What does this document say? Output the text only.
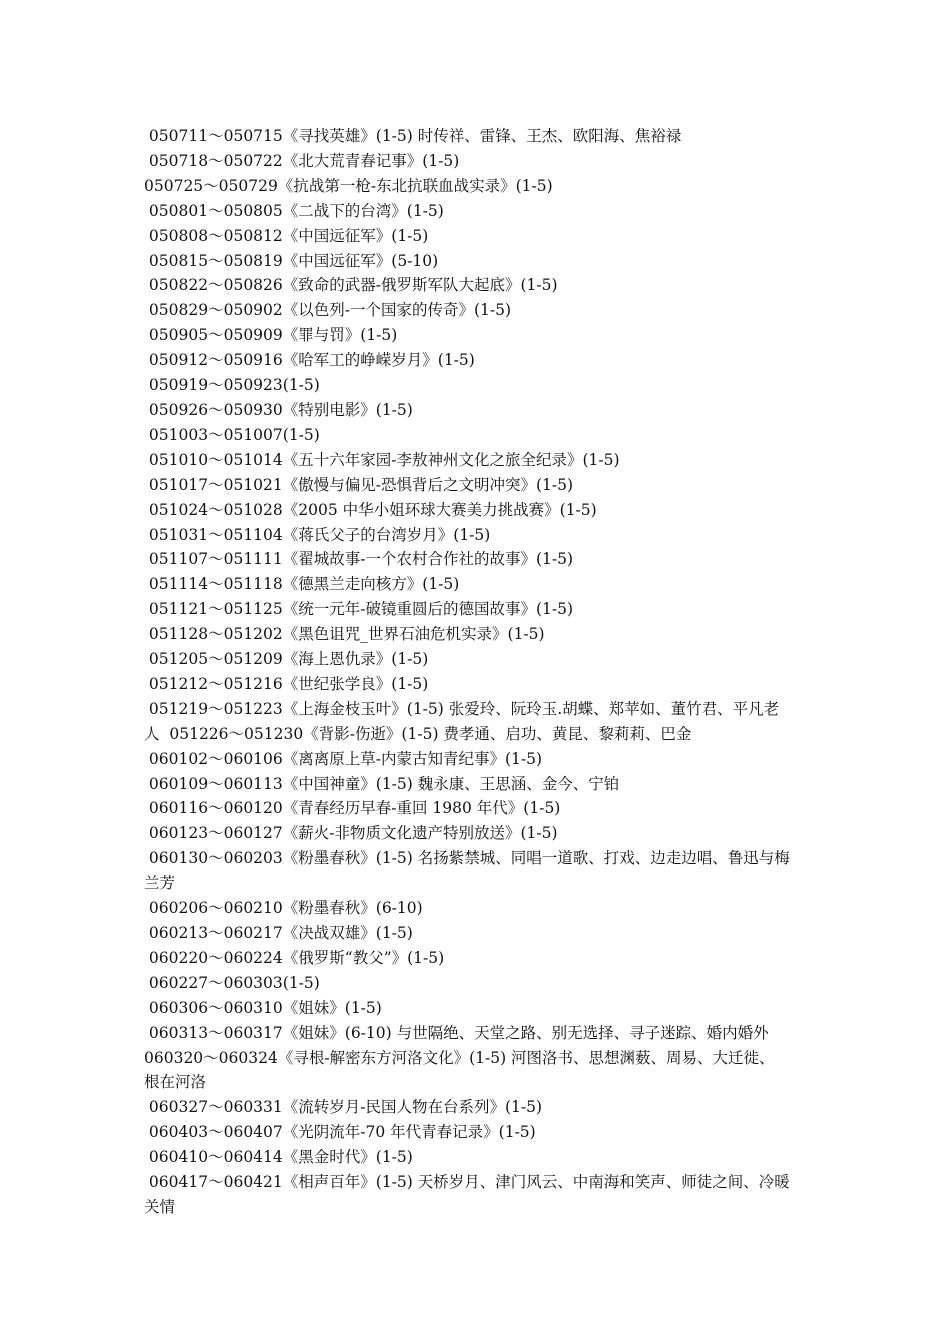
050711～050715《寻找英雄》(1-5) 时传祥、雷锋、王杰、欧阳海、焦裕禄
050718～050722《北大荒青春记事》(1-5)
050725～050729《抗战第一枪-东北抗联血战实录》(1-5)
050801～050805《二战下的台湾》(1-5)
050808～050812《中国远征军》(1-5)
050815～050819《中国远征军》(5-10)
050822～050826《致命的武器-俄罗斯军队大起底》(1-5)
050829～050902《以色列-一个国家的传奇》(1-5)
050905～050909《罪与罚》(1-5)
050912～050916《哈军工的峥嵘岁月》(1-5)
050919～050923(1-5)
050926～050930《特别电影》(1-5)
051003～051007(1-5)
051010～051014《五十六年家园-李敖神州文化之旅全纪录》(1-5)
051017～051021《傲慢与偏见-恐惧背后之文明冲突》(1-5)
051024～051028《2005 中华小姐环球大赛美力挑战赛》(1-5)
051031～051104《蒋氏父子的台湾岁月》(1-5)
051107～051111《翟城故事-一个农村合作社的故事》(1-5)
051114～051118《德黑兰走向核方》(1-5)
051121～051125《统一元年-破镜重圆后的德国故事》(1-5)
051128～051202《黑色诅咒_世界石油危机实录》(1-5)
051205～051209《海上恩仇录》(1-5)
051212～051216《世纪张学良》(1-5)
051219～051223《上海金枝玉叶》(1-5) 张爱玲、阮玲玉.胡蝶、郑苹如、董竹君、平凡老
人  051226～051230《背影-伤逝》(1-5) 费孝通、启功、黄昆、黎莉莉、巴金
060102～060106《离离原上草-内蒙古知青纪事》(1-5)
060109～060113《中国神童》(1-5) 魏永康、王思涵、金今、宁铂
060116～060120《青春经历早春-重回 1980 年代》(1-5)
060123～060127《薪火-非物质文化遗产特别放送》(1-5)
060130～060203《粉墨春秋》(1-5) 名扬紫禁城、同唱一道歌、打戏、边走边唱、鲁迅与梅
兰芳
060206～060210《粉墨春秋》(6-10)
060213～060217《决战双雄》(1-5)
060220～060224《俄罗斯“教父”》(1-5)
060227～060303(1-5)
060306～060310《姐妹》(1-5)
060313～060317《姐妹》(6-10) 与世隔绝、天堂之路、别无选择、寻子迷踪、婚内婚外
060320～060324《寻根-解密东方河洛文化》(1-5) 河图洛书、思想渊薮、周易、大迁徙、
根在河洛
060327～060331《流转岁月-民国人物在台系列》(1-5)
060403～060407《光阴流年-70 年代青春记录》(1-5)
060410～060414《黑金时代》(1-5)
060417～060421《相声百年》(1-5) 天桥岁月、津门风云、中南海和笑声、师徒之间、冷暖
关情
